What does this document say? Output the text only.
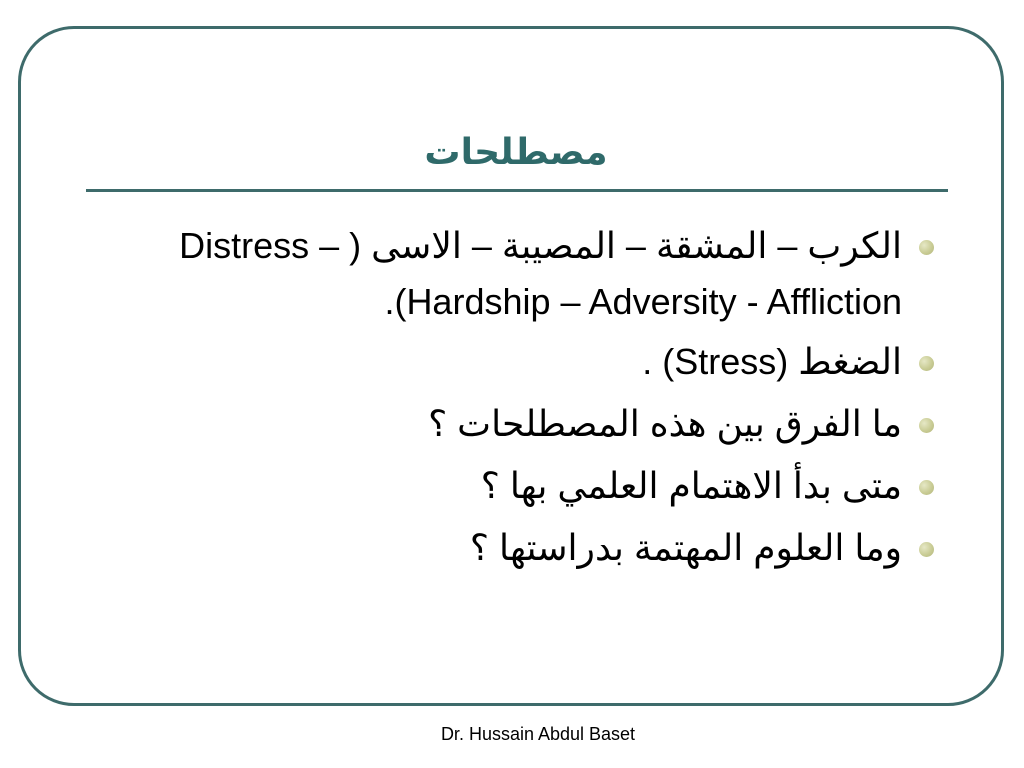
مصطلحات
الكرب – المشقة – المصيبة – الاسى ( Distress – Hardship – Adversity - Affliction).
الضغط (Stress) .
ما الفرق بين هذه المصطلحات ؟
متى بدأ الاهتمام العلمي بها ؟
وما العلوم المهتمة بدراستها ؟
Dr. Hussain Abdul Baset
